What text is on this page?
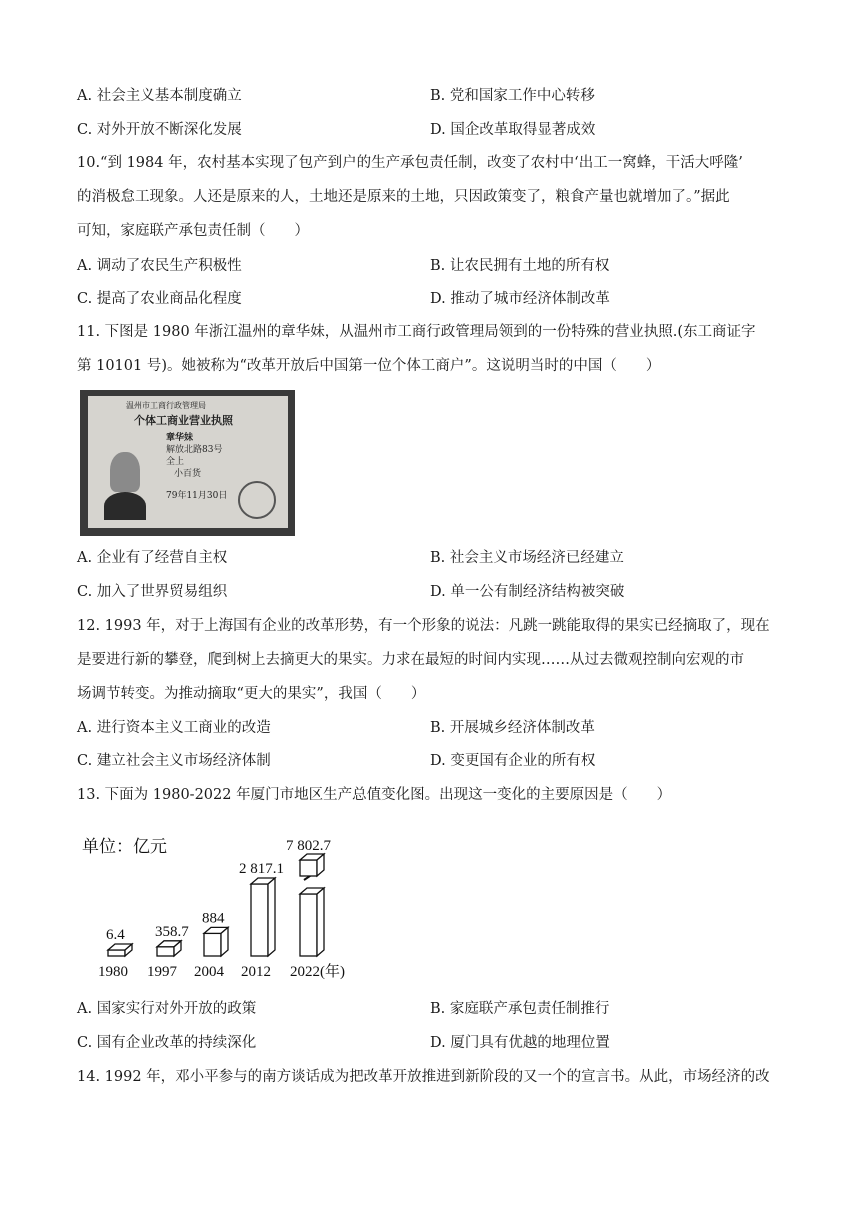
A. 社会主义基本制度确立	B. 党和国家工作中心转移
C. 对外开放不断深化发展	D. 国企改革取得显著成效
10.“到 1984 年，农村基本实现了包产到户的生产承包责任制，改变了农村中‘出工一窝蜂，干活大呼隆’
的消极怠工现象。人还是原来的人，土地还是原来的土地，只因政策变了，粮食产量也就增加了。”据此
可知，家庭联产承包责任制（　　）
A. 调动了农民生产积极性	B. 让农民拥有土地的所有权
C. 提高了农业商品化程度	D. 推动了城市经济体制改革
11. 下图是 1980 年浙江温州的章华妹，从温州市工商行政管理局领到的一份特殊的营业执照.(东工商证字
第 10101 号)。她被称为“改革开放后中国第一位个体工商户”。这说明当时的中国（　　）
温州市工商行政管理局
个体工商业营业执照
章华妹
解放北路83号
全上
小百货
79年11月30日
A. 企业有了经营自主权	B. 社会主义市场经济已经建立
C. 加入了世界贸易组织	D. 单一公有制经济结构被突破
12. 1993 年，对于上海国有企业的改革形势，有一个形象的说法：凡跳一跳能取得的果实已经摘取了，现在
是要进行新的攀登，爬到树上去摘更大的果实。力求在最短的时间内实现……从过去微观控制向宏观的市
场调节转变。为推动摘取“更大的果实”，我国（　　）
A. 进行资本主义工商业的改造	B. 开展城乡经济体制改革
C. 建立社会主义市场经济体制	D. 变更国有企业的所有权
13. 下面为 1980-2022 年厦门市地区生产总值变化图。出现这一变化的主要原因是（　　）
单位：亿元
6.4
1980
358.7
1997
884
2004
2 817.1
2012
7 802.7
2022(年)
A. 国家实行对外开放的政策	B. 家庭联产承包责任制推行
C. 国有企业改革的持续深化	D. 厦门具有优越的地理位置
14. 1992 年，邓小平参与的南方谈话成为把改革开放推进到新阶段的又一个的宣言书。从此，市场经济的改
